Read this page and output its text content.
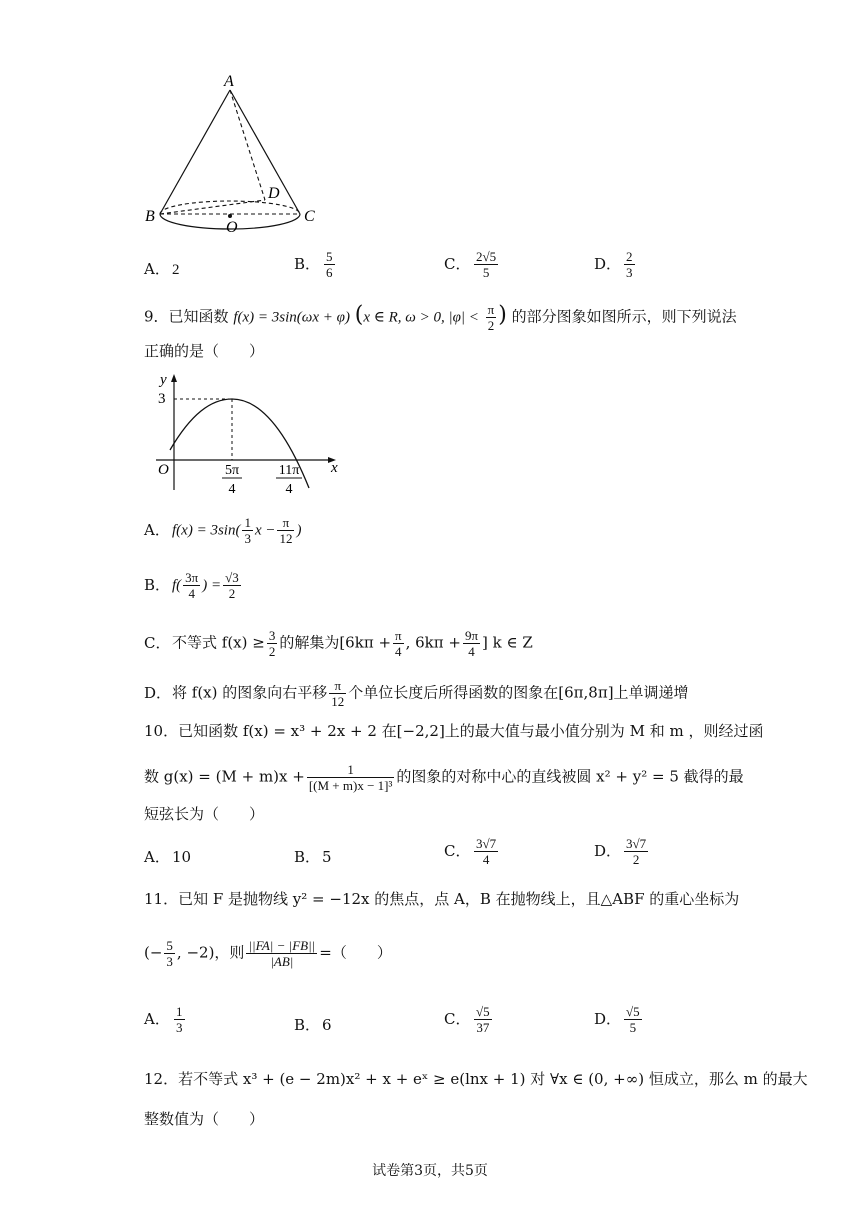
A
B	C
O
D
A． 2	B． $\frac{5}{6}$	C． $\frac{2√5}{5}$	D． $\frac{2}{3}$
9．已知函数 f(x) = 3sin(ωx + φ) (x ∈ R, ω > 0, $|\varphi| < \frac{\pi}{2}$ ) 的部分图象如图所示，则下列说法
正确的是（　　）
y
x
3
O	5π
4
11π
4
A． $f(x) = 3\sin( \frac{1}{3}$ $x - \frac{\pi}{12}$ )
B． $f( \frac{3\pi}{4}$ ) = $\frac{√3}{2}$
C． 不等式 $f(x) \ge \frac{3}{2}$ 的解集为[$6k\pi + \frac{\pi}{4}$ , $6k\pi + \frac{9\pi}{4}$ ] k ∈ Z
D．将 f(x) 的图象向右平移 $\frac{\pi}{12}$ 个单位长度后所得函数的图象在[6π,8π]上单调递增
10．已知函数 f(x) = x³ + 2x + 2 在[−2,2]上的最大值与最小值分别为 M 和 m ，则经过函
数 $g(x) = (M + m)x + \frac{1}{\text{[(M + m)x − 1]³}}$ 的图象的对称中心的直线被圆 x² + y² = 5 截得的最
短弦长为（　　）
A． 10	B． 5	C． $\frac{3√7}{4}$	D． $\frac{3√7}{2}$
11．已知 F 是抛物线 y² = −12x 的焦点，点 A，B 在抛物线上，且△ABF 的重心坐标为
(− $\frac{5}{3}$ , −2)，则 $\frac{||FA| - |FB||}{|AB|}$ =（　　）
A． $\frac{1}{3}$	B． 6	C． $\frac{√5}{37}$	D． $\frac{√5}{5}$
12．若不等式 x³ + (e − 2m)x² + x + eˣ ≥ e(lnx + 1) 对 ∀x ∈ (0, +∞) 恒成立，那么 m 的最大
整数值为（　　）
试卷第3页，共5页
